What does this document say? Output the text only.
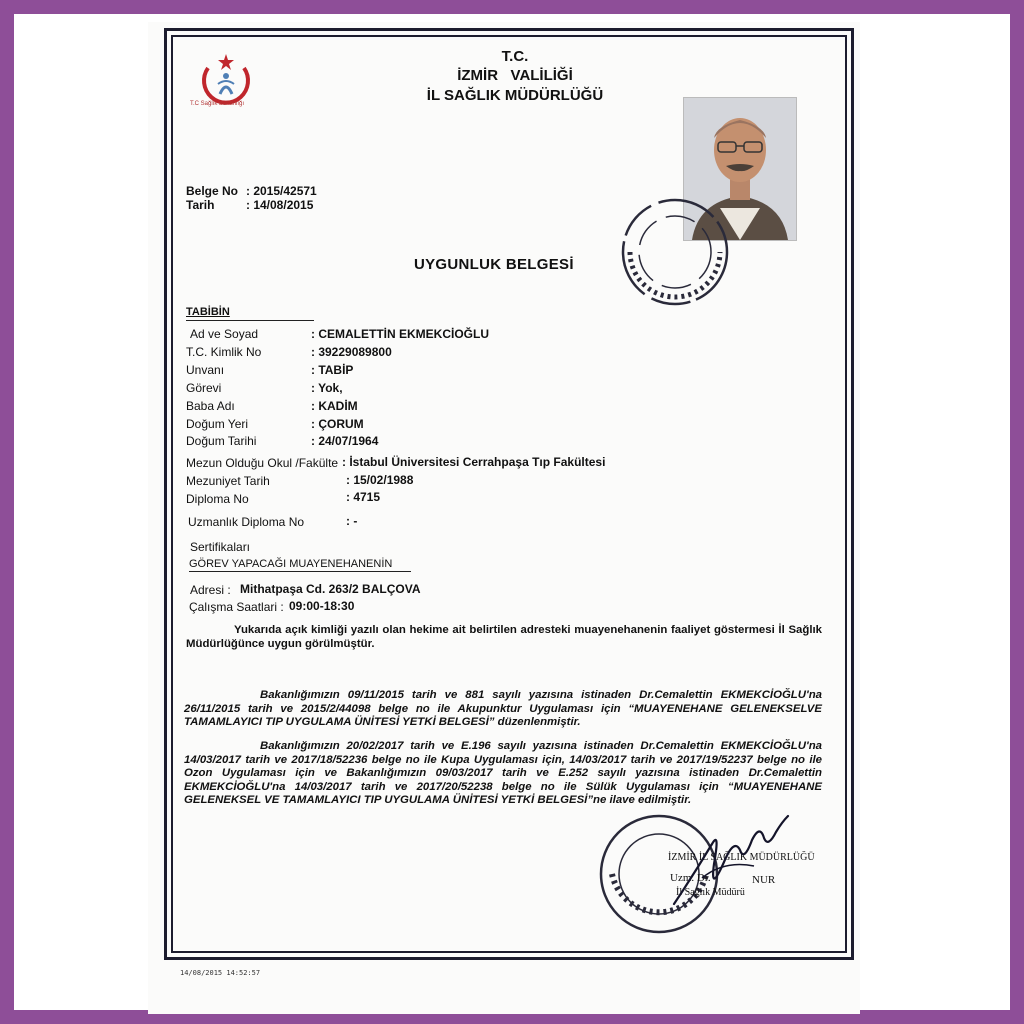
T.C Sağlık Bakanlığı
T.C.
İZMİR   VALİLİĞİ
İL SAĞLIK MÜDÜRLÜĞÜ
Belge No : 2015/42571
Tarih	: 14/08/2015
UYGUNLUK BELGESİ
TABİBİN
Ad ve Soyad	: CEMALETTİN EKMEKCİOĞLU
T.C. Kimlik No	: 39229089800
Unvanı	: TABİP
Görevi	: Yok,
Baba Adı	: KADİM
Doğum Yeri	: ÇORUM
Doğum Tarihi	: 24/07/1964
Mezun Olduğu Okul /Fakülte : İstabul Üniversitesi Cerrahpaşa Tıp Fakültesi
Mezuniyet Tarih	: 15/02/1988
Diploma No	: 4715
Uzmanlık Diploma No	: -
Sertifikaları
GÖREV YAPACAĞI MUAYENEHANENİN
Adresi : Mithatpaşa Cd. 263/2 BALÇOVA
Çalışma Saatlari : 09:00-18:30
Yukarıda açık kimliği yazılı olan hekime ait belirtilen adresteki muayenehanenin faaliyet göstermesi İl Sağlık Müdürlüğünce uygun görülmüştür.
Bakanlığımızın 09/11/2015 tarih ve 881 sayılı yazısına istinaden Dr.Cemalettin EKMEKCİOĞLU'na 26/11/2015 tarih ve 2015/2/44098 belge no ile Akupunktur Uygulaması için “MUAYENEHANE GELENEKSELVE TAMAMLAYICI TIP UYGULAMA ÜNİTESİ YETKİ BELGESİ” düzenlenmiştir.
Bakanlığımızın 20/02/2017 tarih ve E.196 sayılı yazısına istinaden Dr.Cemalettin EKMEKCİOĞLU'na 14/03/2017 tarih ve 2017/18/52236 belge no ile Kupa Uygulaması için, 14/03/2017 tarih ve 2017/19/52237 belge no ile Ozon Uygulaması için ve Bakanlığımızın 09/03/2017 tarih ve E.252 sayılı yazısına istinaden Dr.Cemalettin EKMEKCİOĞLU'na 14/03/2017 tarih ve 2017/20/52238 belge no ile Sülük Uygulaması için “MUAYENEHANE GELENEKSEL VE TAMAMLAYICI TIP UYGULAMA ÜNİTESİ YETKİ BELGESİ”ne ilave edilmiştir.
İZMİR İL SAĞLIK MÜDÜRLÜĞÜ
Uzm. Dr.	NUR
İl Sağlık Müdürü
14/08/2015 14:52:57
